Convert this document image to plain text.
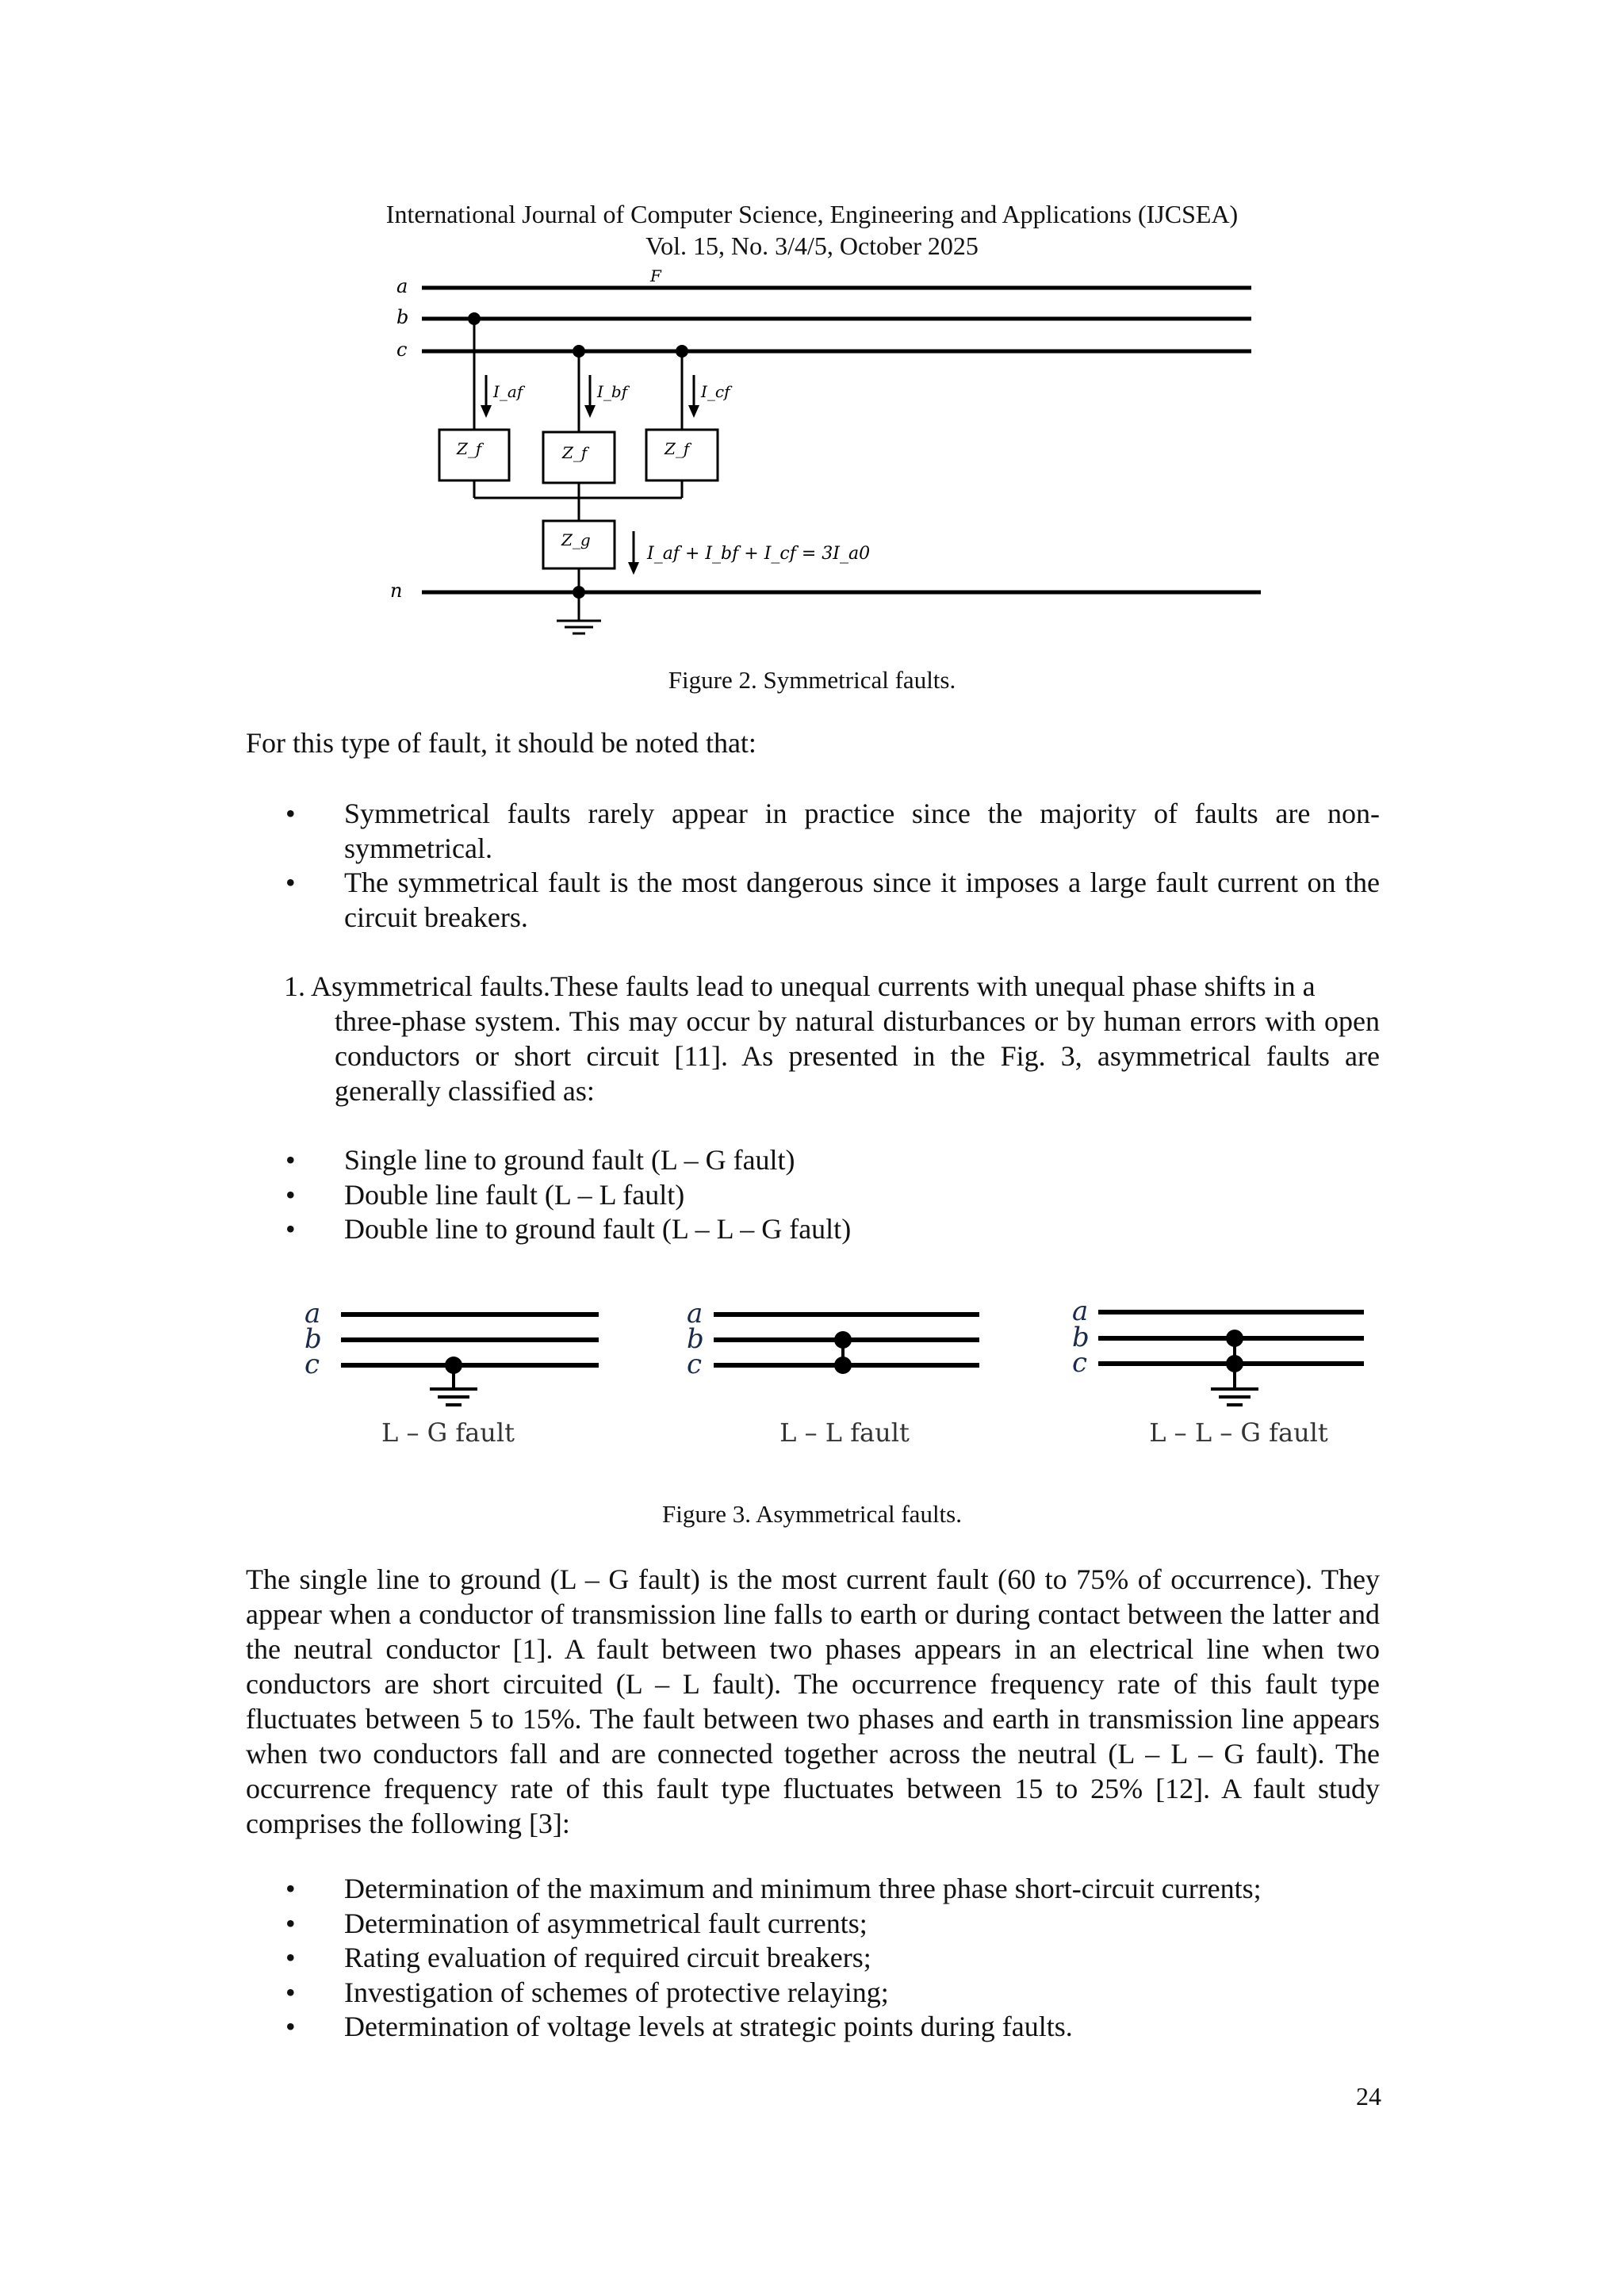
International Journal of Computer Science, Engineering and Applications (IJCSEA)
Vol. 15, No. 3/4/5, October 2025
a
b
c
n
F
I_af	I_bf	I_cf
Z_f	Z_f	Z_f
Z_g
I_af + I_bf + I_cf = 3I_a0
Figure 2. Symmetrical faults.

For this type of fault, it should be noted that:

• Symmetrical faults rarely appear in practice since the majority of faults are non-symmetrical.
• The symmetrical fault is the most dangerous since it imposes a large fault current on the circuit breakers.
1. Asymmetrical faults.These faults lead to unequal currents with unequal phase shifts in a
three-phase system. This may occur by natural disturbances or by human errors with open conductors or short circuit [11]. As presented in the Fig. 3, asymmetrical faults are generally classified as:
• Single line to ground fault (L – G fault)
• Double line fault (L – L fault)
• Double line to ground fault (L – L – G fault)
a
b
c
L – G fault
a
b
c
L – L fault
a
b
c
L – L – G fault
Figure 3. Asymmetrical faults.

The single line to ground (L – G fault) is the most current fault (60 to 75% of occurrence). They appear when a conductor of transmission line falls to earth or during contact between the latter and the neutral conductor [1]. A fault between two phases appears in an electrical line when two conductors are short circuited (L – L fault). The occurrence frequency rate of this fault type fluctuates between 5 to 15%. The fault between two phases and earth in transmission line appears when two conductors fall and are connected together across the neutral (L – L – G fault). The occurrence frequency rate of this fault type fluctuates between 15 to 25% [12]. A fault study comprises the following [3]:

• Determination of the maximum and minimum three phase short-circuit currents;
• Determination of asymmetrical fault currents;
• Rating evaluation of required circuit breakers;
• Investigation of schemes of protective relaying;
• Determination of voltage levels at strategic points during faults.
24
